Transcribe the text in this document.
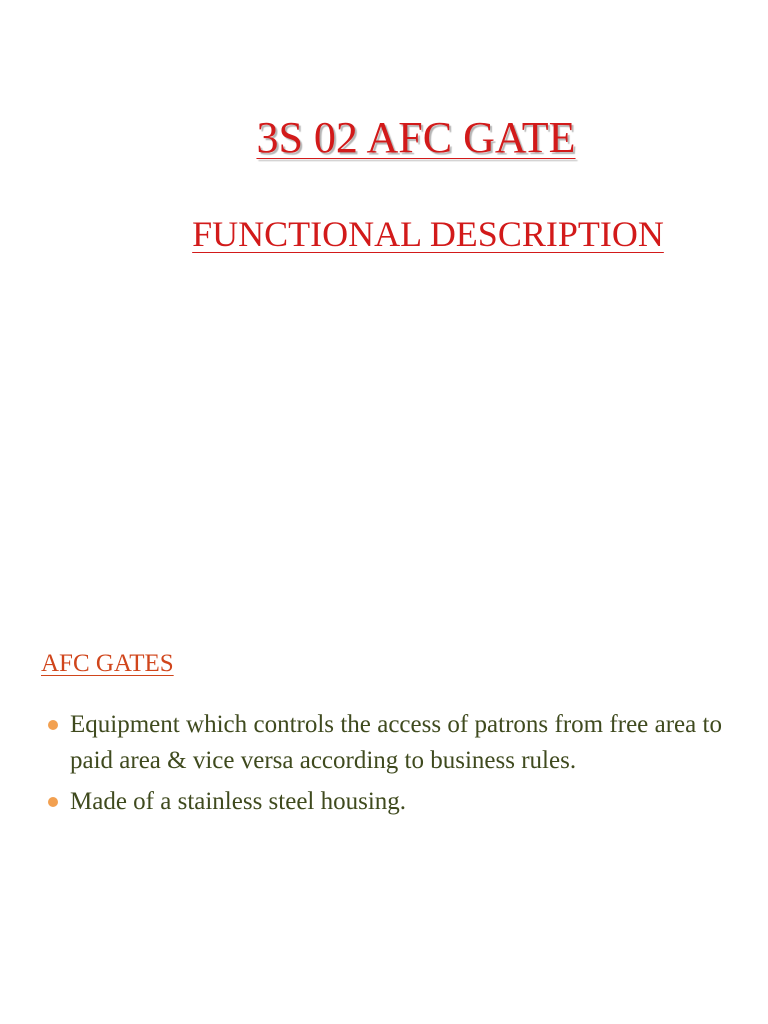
3S 02 AFC GATE
FUNCTIONAL DESCRIPTION
AFC GATES
Equipment which controls the access of patrons from free area to paid area & vice versa according to business rules.
Made of a stainless steel housing.
